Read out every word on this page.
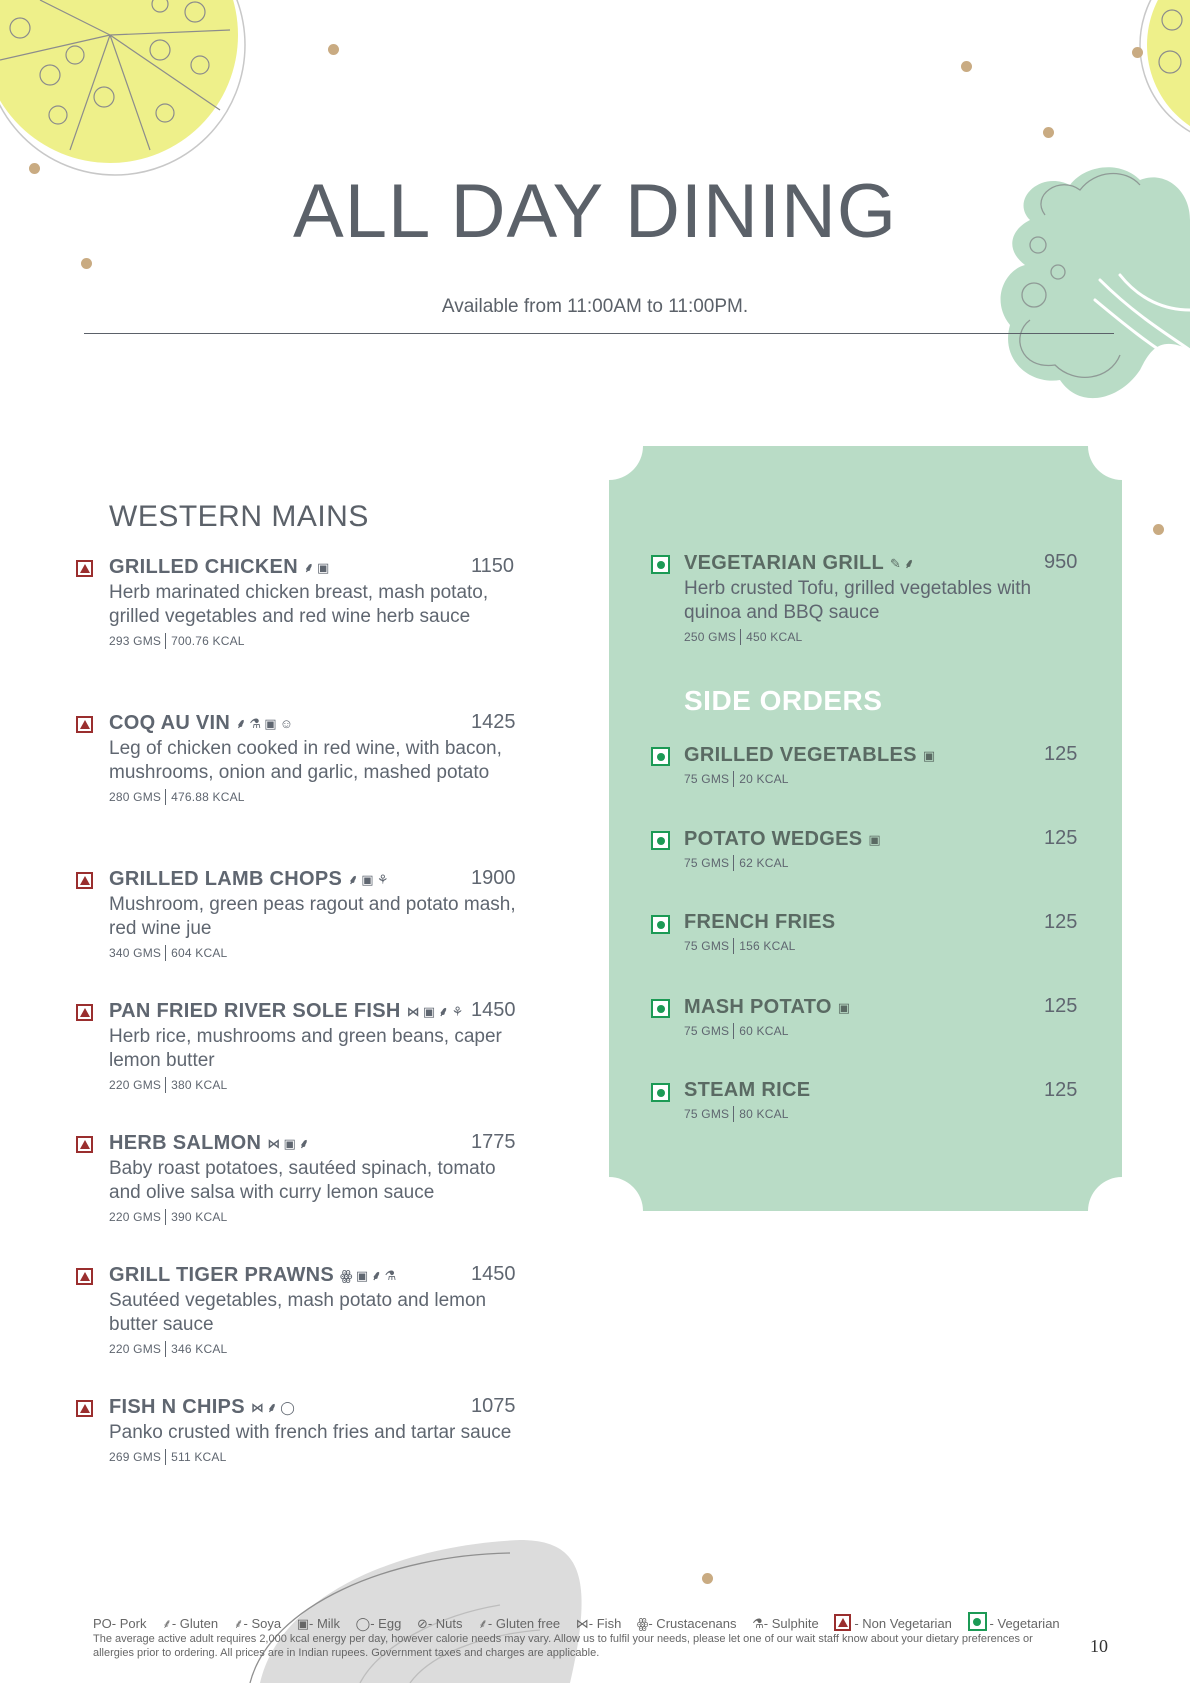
ALL DAY DINING
Available from 11:00AM to 11:00PM.
WESTERN MAINS
GRILLED CHICKEN ⸙ ▣	1150
Herb marinated chicken breast, mash potato, grilled vegetables and red wine herb sauce
293 GMS 700.76 KCAL
COQ AU VIN ⸙ ⚗ ▣ ☺	1425
Leg of chicken cooked in red wine, with bacon, mushrooms, onion and garlic, mashed potato
280 GMS 476.88 KCAL
GRILLED LAMB CHOPS ⸙ ▣ ⚘	1900
Mushroom, green peas ragout and potato mash, red wine jue
340 GMS 604 KCAL
PAN FRIED RIVER SOLE FISH ⋈ ▣ ⸙ ⚘ 1450
Herb rice, mushrooms and green beans, caper lemon butter
220 GMS 380 KCAL
HERB SALMON ⋈ ▣ ⸙	1775
Baby roast potatoes, sautéed spinach, tomato and olive salsa with curry lemon sauce
220 GMS 390 KCAL
GRILL TIGER PRAWNS ꙮ ▣ ⸙ ⚗	1450
Sautéed vegetables, mash potato and lemon butter sauce
220 GMS 346 KCAL
FISH N CHIPS ⋈ ⸙ ◯	1075
Panko crusted with french fries and tartar sauce
269 GMS 511 KCAL
VEGETARIAN GRILL ✎ ⸙	950
Herb crusted Tofu, grilled vegetables with quinoa and BBQ sauce
250 GMS 450 KCAL
GRILLED VEGETABLES ▣	125
75 GMS 20 KCAL
POTATO WEDGES ▣	125
75 GMS 62 KCAL
FRENCH FRIES	125
75 GMS 156 KCAL
MASH POTATO ▣	125
75 GMS 60 KCAL
STEAM RICE	125
75 GMS 80 KCAL
SIDE ORDERS
PO- Pork ⸙- Gluten ⸙- Soya ▣- Milk ◯- Egg ⊘- Nuts ⸙- Gluten free ⋈- Fish ꙮ- Crustacenans ⚗- Sulphite	- Non Vegetarian	- Vegetarian
The average active adult requires 2,000 kcal energy per day, however calorie needs may vary. Allow us to fulfil your needs, please let one of our wait staff know about your dietary preferences or allergies prior to ordering. All prices are in Indian rupees. Government taxes and charges are applicable.	10
